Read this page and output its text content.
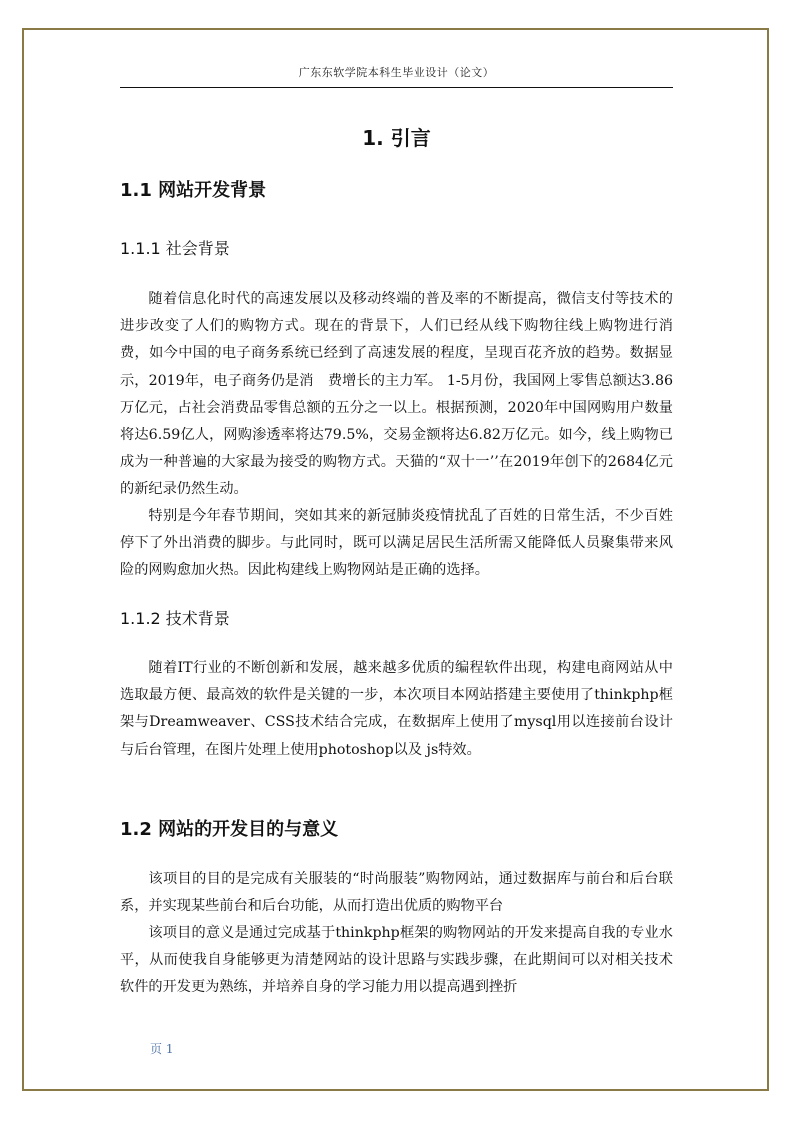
广东东软学院本科生毕业设计（论文）
1. 引言
1.1 网站开发背景
1.1.1 社会背景

随着信息化时代的高速发展以及移动终端的普及率的不断提高，微信支付等技术的进步改变了人们的购物方式。现在的背景下，人们已经从线下购物往线上购物进行消费，如今中国的电子商务系统已经到了高速发展的程度，呈现百花齐放的趋势。数据显示，2019年，电子商务仍是消　费增长的主力军。 1-5月份，我国网上零售总额达3.86万亿元，占社会消费品零售总额的五分之一以上。根据预测，2020年中国网购用户数量将达6.59亿人，网购渗透率将达79.5%，交易金额将达6.82万亿元。如今，线上购物已成为一种普遍的大家最为接受的购物方式。天猫的“双十一’’在2019年创下的2684亿元的新纪录仍然生动。

特别是今年春节期间，突如其来的新冠肺炎疫情扰乱了百姓的日常生活，不少百姓停下了外出消费的脚步。与此同时，既可以满足居民生活所需又能降低人员聚集带来风险的网购愈加火热。因此构建线上购物网站是正确的选择。

1.1.2 技术背景

随着IT行业的不断创新和发展，越来越多优质的编程软件出现，构建电商网站从中选取最方便、最高效的软件是关键的一步，本次项目本网站搭建主要使用了thinkphp框架与Dreamweaver、CSS技术结合完成，在数据库上使用了mysql用以连接前台设计与后台管理，在图片处理上使用photoshop以及 js特效。

1.2 网站的开发目的与意义

该项目的目的是完成有关服装的“时尚服装”购物网站，通过数据库与前台和后台联系，并实现某些前台和后台功能，从而打造出优质的购物平台

该项目的意义是通过完成基于thinkphp框架的购物网站的开发来提高自我的专业水平，从而使我自身能够更为清楚网站的设计思路与实践步骤，在此期间可以对相关技术软件的开发更为熟练，并培养自身的学习能力用以提高遇到挫折

页 1
